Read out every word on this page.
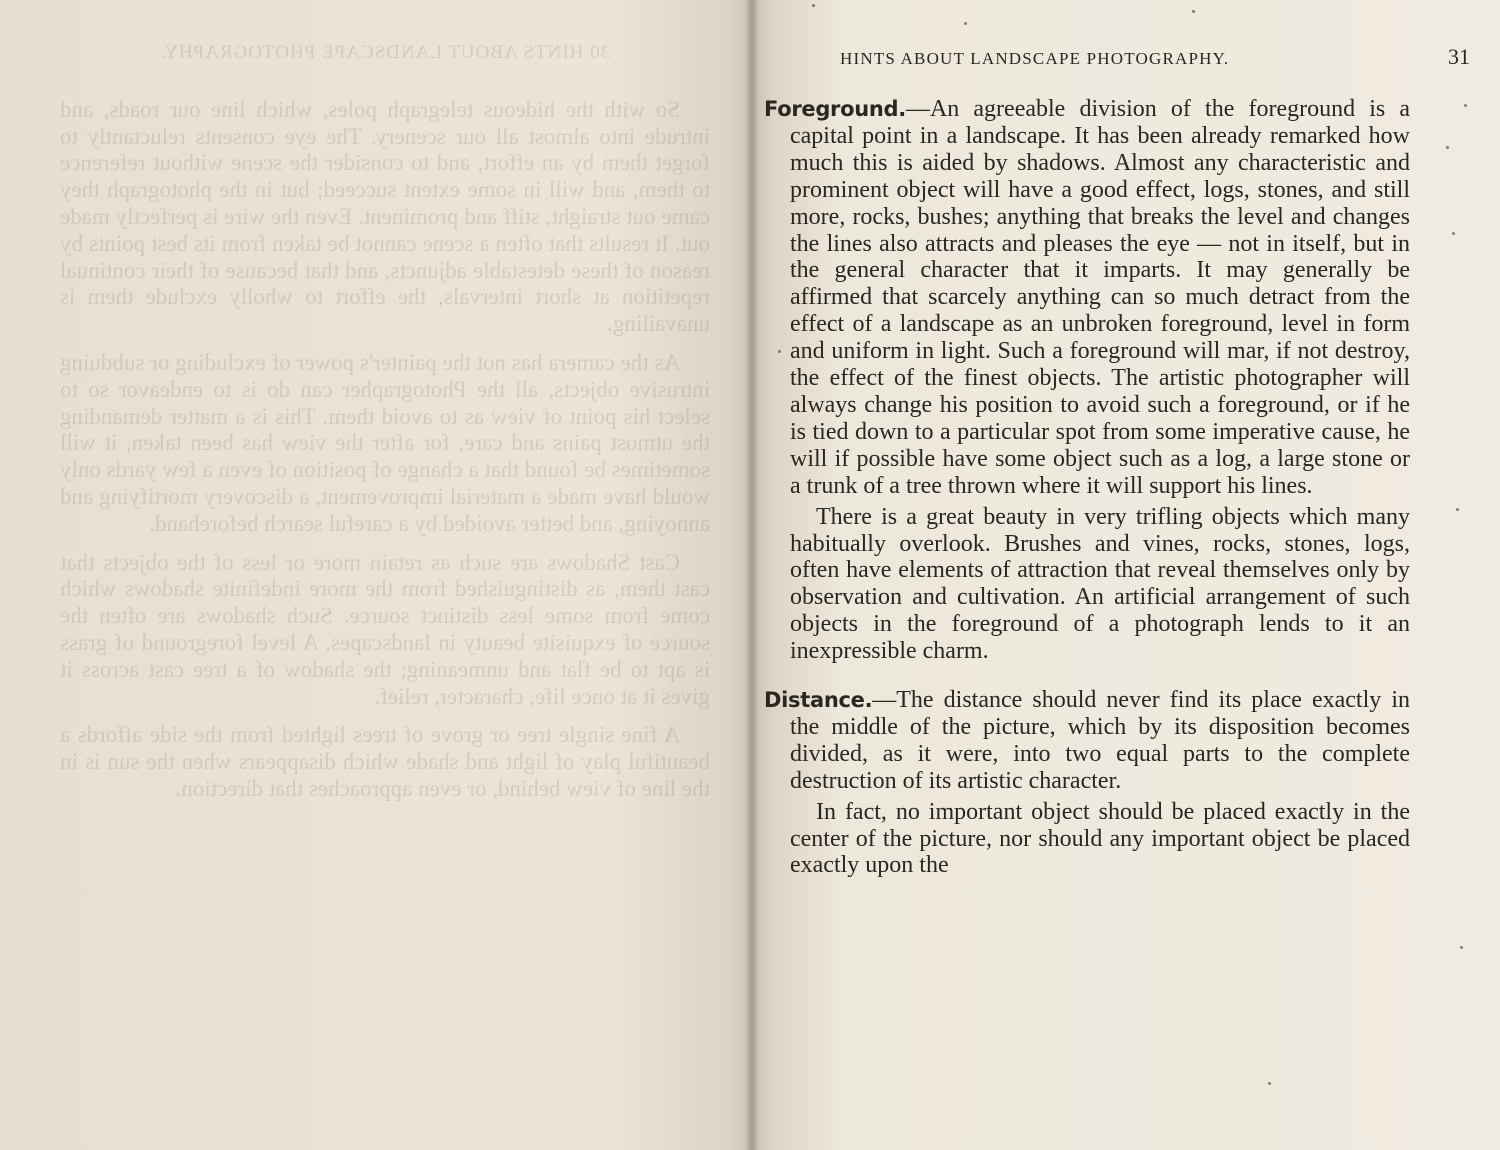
30 HINTS ABOUT LANDSCAPE PHOTOGRAPHY.

So with the hideous telegraph poles, which line our roads, and intrude into almost all our scenery. The eye consents reluctantly to forget them by an effort, and to consider the scene without reference to them, and will in some extent succeed; but in the photograph they came out straight, stiff and prominent. Even the wire is perfectly made out. It results that often a scene cannot be taken from its best points by reason of these detestable adjuncts, and that because of their continual repetition at short intervals, the effort to wholly exclude them is unavailing.

As the camera has not the painter's power of excluding or subduing intrusive objects, all the Photographer can do is to endeavor so to select his point of view as to avoid them. This is a matter demanding the utmost pains and care, for after the view has been taken, it will sometimes be found that a change of position of even a few yards only would have made a material improvement, a discovery mortifying and annoying, and better avoided by a careful search beforehand.

Cast Shadows are such as retain more or less of the objects that cast them, as distinguished from the more indefinite shadows which come from some less distinct source. Such shadows are often the source of exquisite beauty in landscapes. A level foreground of grass is apt to be flat and unmeaning; the shadow of a tree cast across it gives it at once life, character, relief.

A fine single tree or grove of trees lighted from the side affords a beautiful play of light and shade which disappears when the sun is in the line of view behind, or even approaches that direction.

HINTS ABOUT LANDSCAPE PHOTOGRAPHY.	31

Foreground.—An agreeable division of the foreground is a capital point in a landscape. It has been already remarked how much this is aided by shadows. Almost any characteristic and prominent object will have a good effect, logs, stones, and still more, rocks, bushes; anything that breaks the level and changes the lines also attracts and pleases the eye — not in itself, but in the general character that it imparts. It may generally be affirmed that scarcely anything can so much detract from the effect of a landscape as an unbroken foreground, level in form and uniform in light. Such a foreground will mar, if not destroy, the effect of the finest objects. The artistic photographer will always change his position to avoid such a foreground, or if he is tied down to a particular spot from some imperative cause, he will if possible have some object such as a log, a large stone or a trunk of a tree thrown where it will support his lines.

There is a great beauty in very trifling objects which many habitually overlook. Brushes and vines, rocks, stones, logs, often have elements of attraction that reveal themselves only by observation and cultivation. An artificial arrangement of such objects in the foreground of a photograph lends to it an inexpressible charm.

Distance.—The distance should never find its place exactly in the middle of the picture, which by its disposition becomes divided, as it were, into two equal parts to the complete destruction of its artistic character.

In fact, no important object should be placed exactly in the center of the picture, nor should any important object be placed exactly upon the
